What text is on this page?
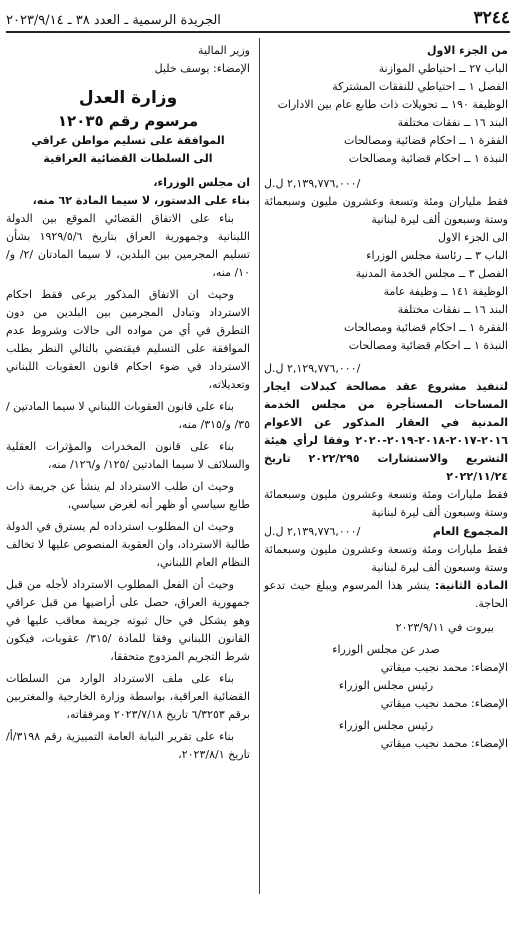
٣٢٤٤
الجريدة الرسمية ـ العدد ٣٨ ـ ٢٠٢٣/٩/١٤

من الجزء الاول

الباب ٢٧ ــ احتياطي الموازنة

الفصل ١ ــ احتياطي للنفقات المشتركة

الوظيفة ١٩٠ ــ تحويلات ذات طابع عام بين الادارات

البند ١٦ ــ نفقات مختلفة

الفقرة ١ ــ احكام قضائية ومصالحات

النبذة ١ ــ احكام قضائية ومصالحات

٢,١٣٩,٧٧٦,٠٠٠ ل.ل/

فقط ملياران ومئة وتسعة وعشرون مليون وسبعمائة وستة وسبعون ألف ليرة لبنانية

الى الجزء الاول

الباب ٣ ــ رئاسة مجلس الوزراء

الفصل ٣ ــ مجلس الخدمة المدنية

الوظيفة ١٤١ ــ وظيفة عامة

البند ١٦ ــ نفقات مختلفة

الفقرة ١ ــ احكام قضائية ومصالحات

النبذة ١ ــ احكام قضائية ومصالحات

٢,١٢٩,٧٧٦,٠٠٠ ل.ل/

لتنفيذ مشروع عقد مصالحة كبدلات ايجار المساحات المستأجرة من مجلس الخدمة المدنية في العقار المذكور عن الاعوام ٢٠١٦-٢٠١٧-٢٠١٨-٢٠١٩-٢٠٢٠ وفقا لرأي هيئة التشريع والاستشارات ٢٠٢٢/٢٩٥ تاريخ ٢٠٢٢/١١/٢٤

فقط مليارات ومئة وتسعة وعشرون مليون وسبعمائة وستة وسبعون ألف ليرة لبنانية

المجموع العام
٢,١٣٩,٧٧٦,٠٠٠ ل.ل/

فقط مليارات ومئة وتسعة وعشرون مليون وسبعمائة وستة وسبعون ألف ليرة لبنانية

المادة الثانية: ينشر هذا المرسوم ويبلغ حيث تدعو الحاجة.

بيروت في ٢٠٢٣/٩/١١

صدر عن مجلس الوزراء

الإمضاء: محمد نجيب ميقاتي

رئيس مجلس الوزراء

الإمضاء: محمد نجيب ميقاتي

رئيس مجلس الوزراء

الإمضاء: محمد نجيب ميقاتي

وزير المالية

الإمضاء: يوسف خليل

وزارة العدل

مرسوم رقم ١٢٠٣٥

الموافقة على تسليم مواطن عراقي

الى السلطات القضائية العراقية

ان مجلس الوزراء،

بناء على الدستور، لا سيما المادة ٦٢ منه،

بناء على الاتفاق القضائي الموقع بين الدولة اللبنانية وجمهورية العراق بتاريخ ١٩٢٩/٥/٦ بشأن تسليم المجرمين بين البلدين، لا سيما المادتان /٢/ و/١٠/ منه،

وحيث ان الاتفاق المذكور يرعى فقط احكام الاسترداد وتبادل المجرمين بين البلدين من دون التطرق في أي من مواده الى حالات وشروط عدم الموافقة على التسليم فيقتضي بالتالي النظر بطلب الاسترداد في ضوء احكام قانون العقوبات اللبناني وتعديلاته،

بناء على قانون العقوبات اللبناني لا سيما المادتين /٣٥/ و/٣١٥/ منه،

بناء على قانون المخدرات والمؤثرات العقلية والسلائف لا سيما المادتين /١٢٥/ و/١٢٦/ منه،

وحيث ان طلب الاسترداد لم ينشأ عن جريمة ذات طابع سياسي أو ظهر أنه لغرض سياسي،

وحيث ان المطلوب استرداده لم يسترق في الدولة طالبة الاسترداد، وان العقوبة المنصوص عليها لا تخالف النظام العام اللبناني،

وحيث أن الفعل المطلوب الاسترداد لأجله من قبل جمهورية العراق، حصل على أراضيها من قبل عراقي وهو يشكل في حال ثبوته جريمة معاقب عليها في القانون اللبناني وفقا للمادة /٣١٥/ عقوبات، فيكون شرط التجريم المزدوج متحققا،

بناء على ملف الاسترداد الوارد من السلطات القضائية العراقية، بواسطة وزارة الخارجية والمغتربين برقم ٦/٣٢٥٣ تاريخ ٢٠٢٣/٧/١٨ ومرفقاته،

بناء على تقرير النيابة العامة التمييزية رقم ٣١٩٨/أ/ تاريخ ٢٠٢٣/٨/١،
